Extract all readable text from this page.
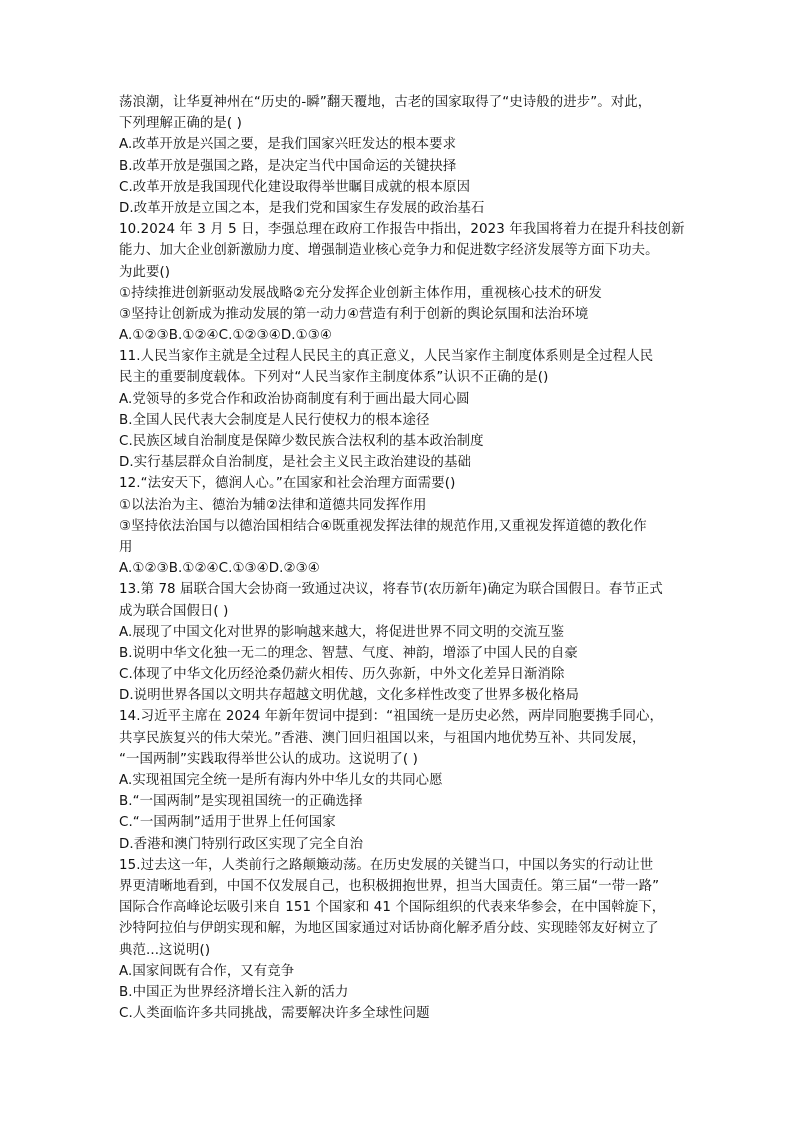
荡浪潮，让华夏神州在“历史的-瞬”翻天覆地，古老的国家取得了“史诗般的进步”。对此，
下列理解正确的是( )
A.改革开放是兴国之要，是我们国家兴旺发达的根本要求
B.改革开放是强国之路，是决定当代中国命运的关键抉择
C.改革开放是我国现代化建设取得举世瞩目成就的根本原因
D.改革开放是立国之本，是我们党和国家生存发展的政治基石
10.2024 年 3 月 5 日，李强总理在政府工作报告中指出，2023 年我国将着力在提升科技创新
能力、加大企业创新激励力度、增强制造业核心竞争力和促进数字经济发展等方面下功夫。
为此要()
①持续推进创新驱动发展战略②充分发挥企业创新主体作用，重视核心技术的研发
③坚持让创新成为推动发展的第一动力④营造有利于创新的舆论氛围和法治环境
A.①②③B.①②④C.①②③④D.①③④
11.人民当家作主就是全过程人民民主的真正意义，人民当家作主制度体系则是全过程人民
民主的重要制度载体。下列对“人民当家作主制度体系”认识不正确的是()
A.党领导的多党合作和政治协商制度有利于画出最大同心圆
B.全国人民代表大会制度是人民行使权力的根本途径
C.民族区域自治制度是保障少数民族合法权利的基本政治制度
D.实行基层群众自治制度，是社会主义民主政治建设的基础
12.“法安天下，德润人心。”在国家和社会治理方面需要()
①以法治为主、德治为辅②法律和道德共同发挥作用
③坚持依法治国与以德治国相结合④既重视发挥法律的规范作用,又重视发挥道德的教化作
用
A.①②③B.①②④C.①③④D.②③④
13.第 78 届联合国大会协商一致通过决议，将春节(农历新年)确定为联合国假日。春节正式
成为联合国假日( )
A.展现了中国文化对世界的影响越来越大，将促进世界不同文明的交流互鉴
B.说明中华文化独一无二的理念、智慧、气度、神韵，增添了中国人民的自豪
C.体现了中华文化历经沧桑仍薪火相传、历久弥新，中外文化差异日渐消除
D.说明世界各国以文明共存超越文明优越，文化多样性改变了世界多极化格局
14.习近平主席在 2024 年新年贺词中提到：“祖国统一是历史必然，两岸同胞要携手同心，
共享民族复兴的伟大荣光。”香港、澳门回归祖国以来，与祖国内地优势互补、共同发展，
“一国两制”实践取得举世公认的成功。这说明了( )
A.实现祖国完全统一是所有海内外中华儿女的共同心愿
B.“一国两制”是实现祖国统一的正确选择
C.“一国两制”适用于世界上任何国家
D.香港和澳门特别行政区实现了完全自治
15.过去这一年，人类前行之路颠簸动荡。在历史发展的关键当口，中国以务实的行动让世
界更清晰地看到，中国不仅发展自己，也积极拥抱世界，担当大国责任。第三届“一带一路”
国际合作高峰论坛吸引来自 151 个国家和 41 个国际组织的代表来华参会，在中国斡旋下，
沙特阿拉伯与伊朗实现和解，为地区国家通过对话协商化解矛盾分歧、实现睦邻友好树立了
典范...这说明()
A.国家间既有合作，又有竞争
B.中国正为世界经济增长注入新的活力
C.人类面临许多共同挑战，需要解决许多全球性问题
